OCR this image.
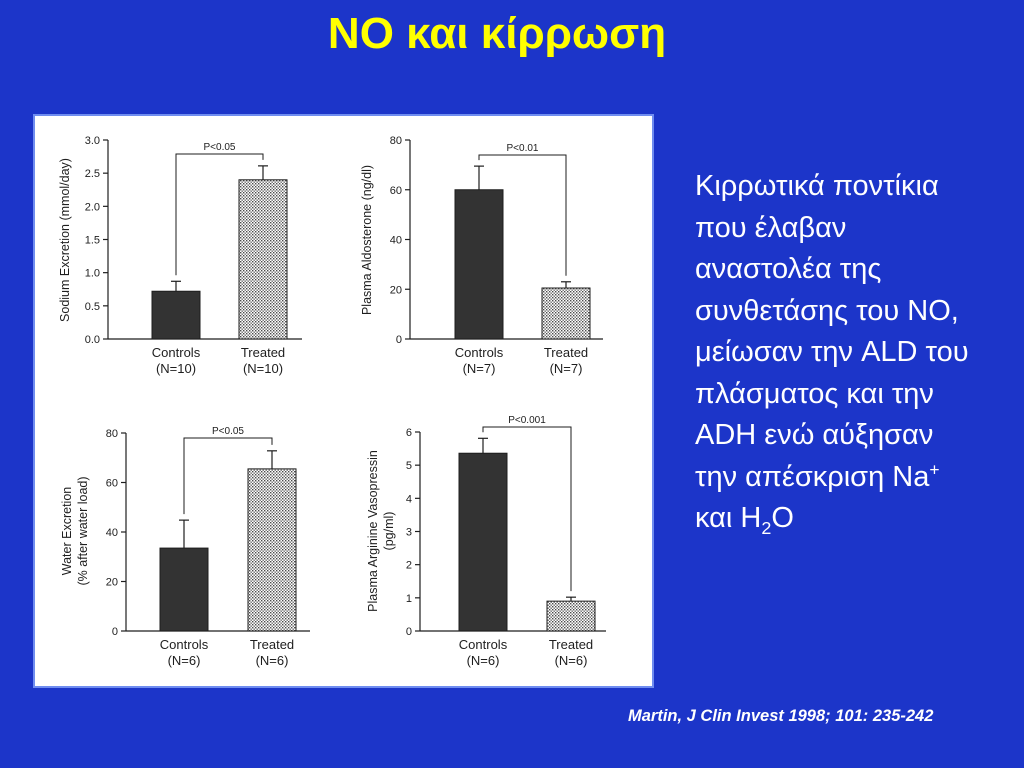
NO και κίρρωση
0.0
0.5
1.0
1.5
2.0
2.5
3.0
Sodium Excretion (mmol/day)
Controls
(N=10)
Treated
(N=10)
P<0.05
0
20
40
60
80
Plasma Aldosterone (ng/dl)
Controls
(N=7)
Treated
(N=7)
P<0.01
0
20
40
60
80
Water Excretion (% after water load)
Controls
(N=6)
Treated
(N=6)
P<0.05
0
1
2
3
4
5
6
Plasma Arginine Vasopressin (pg/ml)
Controls
(N=6)
Treated
(N=6)
P<0.001
Κιρρωτικά ποντίκια
που έλαβαν
αναστολέα της
συνθετάσης του NO,
μείωσαν την ALD του
πλάσματος και την
ADH ενώ αύξησαν
την απέσκριση Na+
και $H_2O$
Martin, J Clin Invest 1998; 101: 235-242
